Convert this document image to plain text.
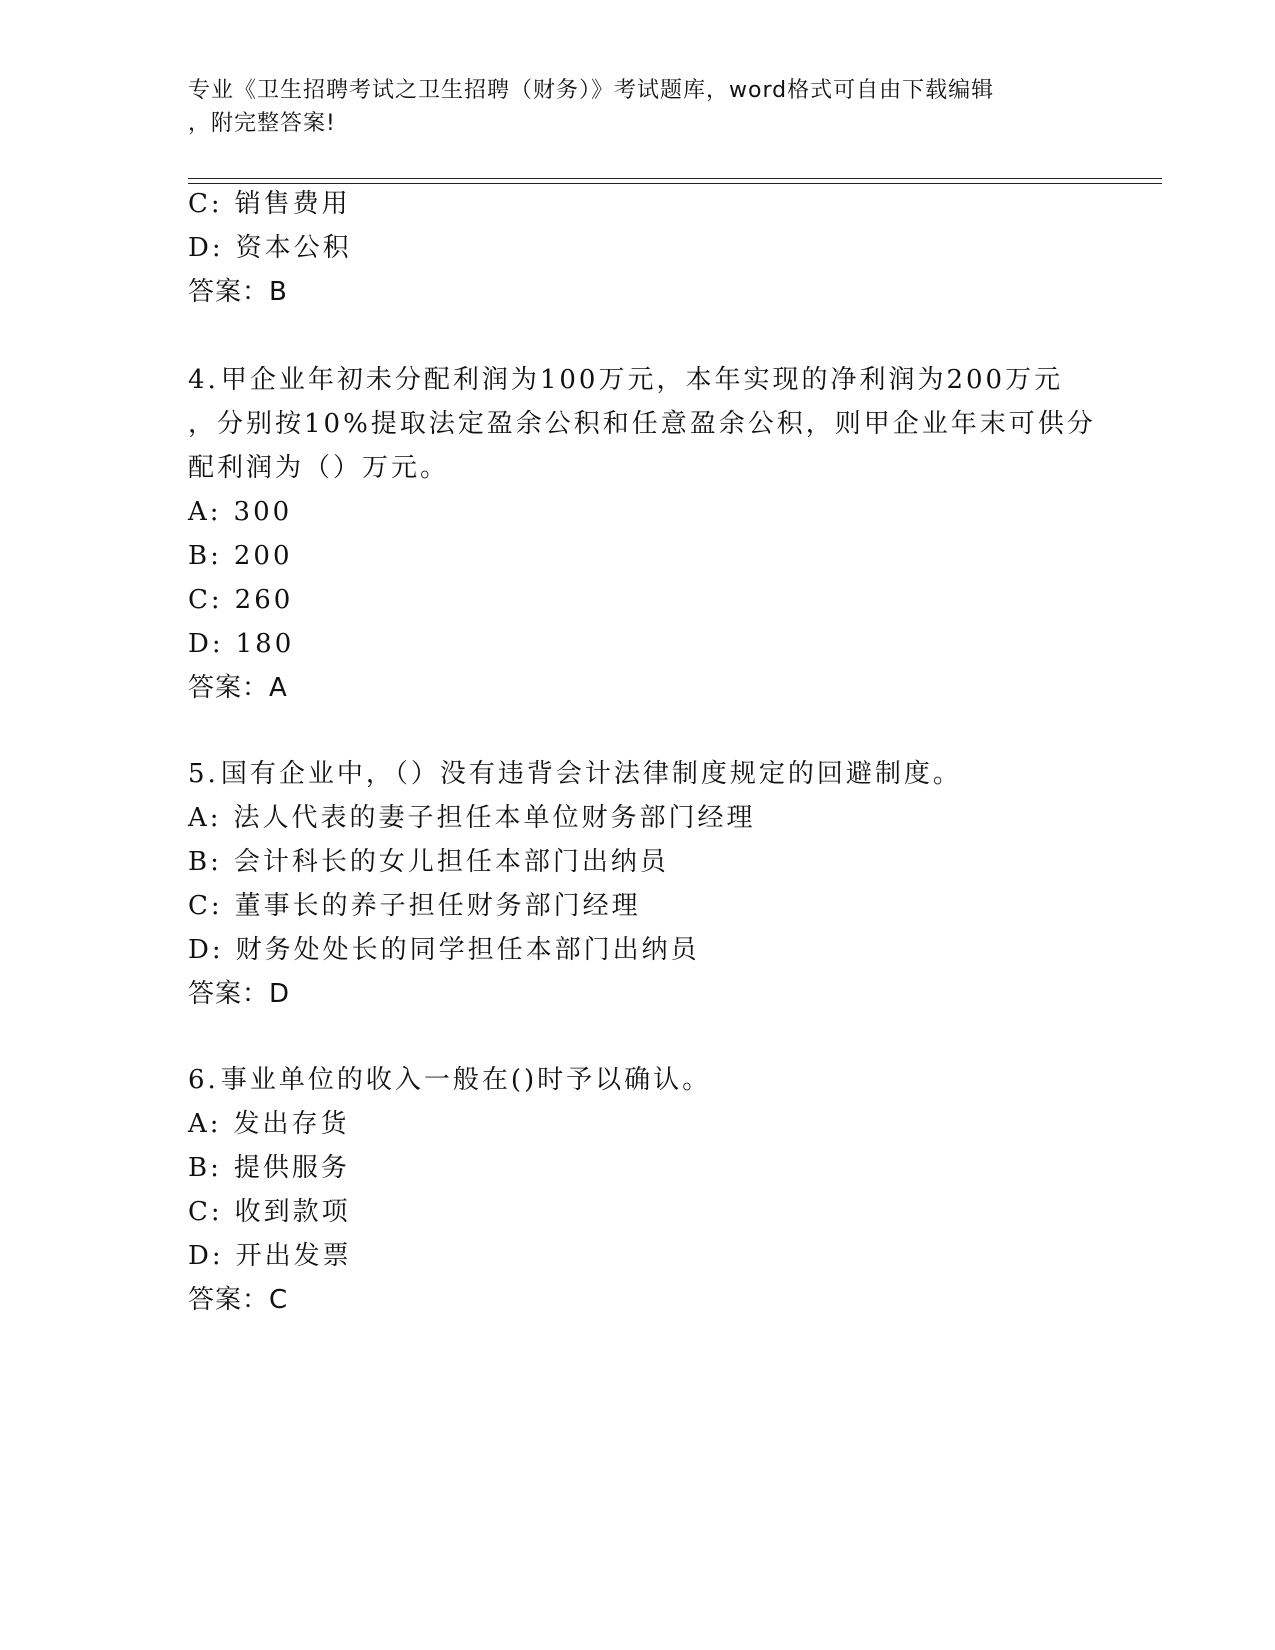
专业《卫生招聘考试之卫生招聘（财务）》考试题库，word格式可自由下载编辑
，附完整答案!
C: 销售费用
D: 资本公积
答案：B
4.甲企业年初未分配利润为100万元，本年实现的净利润为200万元
，分别按10%提取法定盈余公积和任意盈余公积，则甲企业年末可供分
配利润为（）万元。
A: 300
B: 200
C: 260
D: 180
答案：A
5.国有企业中，（）没有违背会计法律制度规定的回避制度。
A: 法人代表的妻子担任本单位财务部门经理
B: 会计科长的女儿担任本部门出纳员
C: 董事长的养子担任财务部门经理
D: 财务处处长的同学担任本部门出纳员
答案：D
6.事业单位的收入一般在()时予以确认。
A: 发出存货
B: 提供服务
C: 收到款项
D: 开出发票
答案：C
